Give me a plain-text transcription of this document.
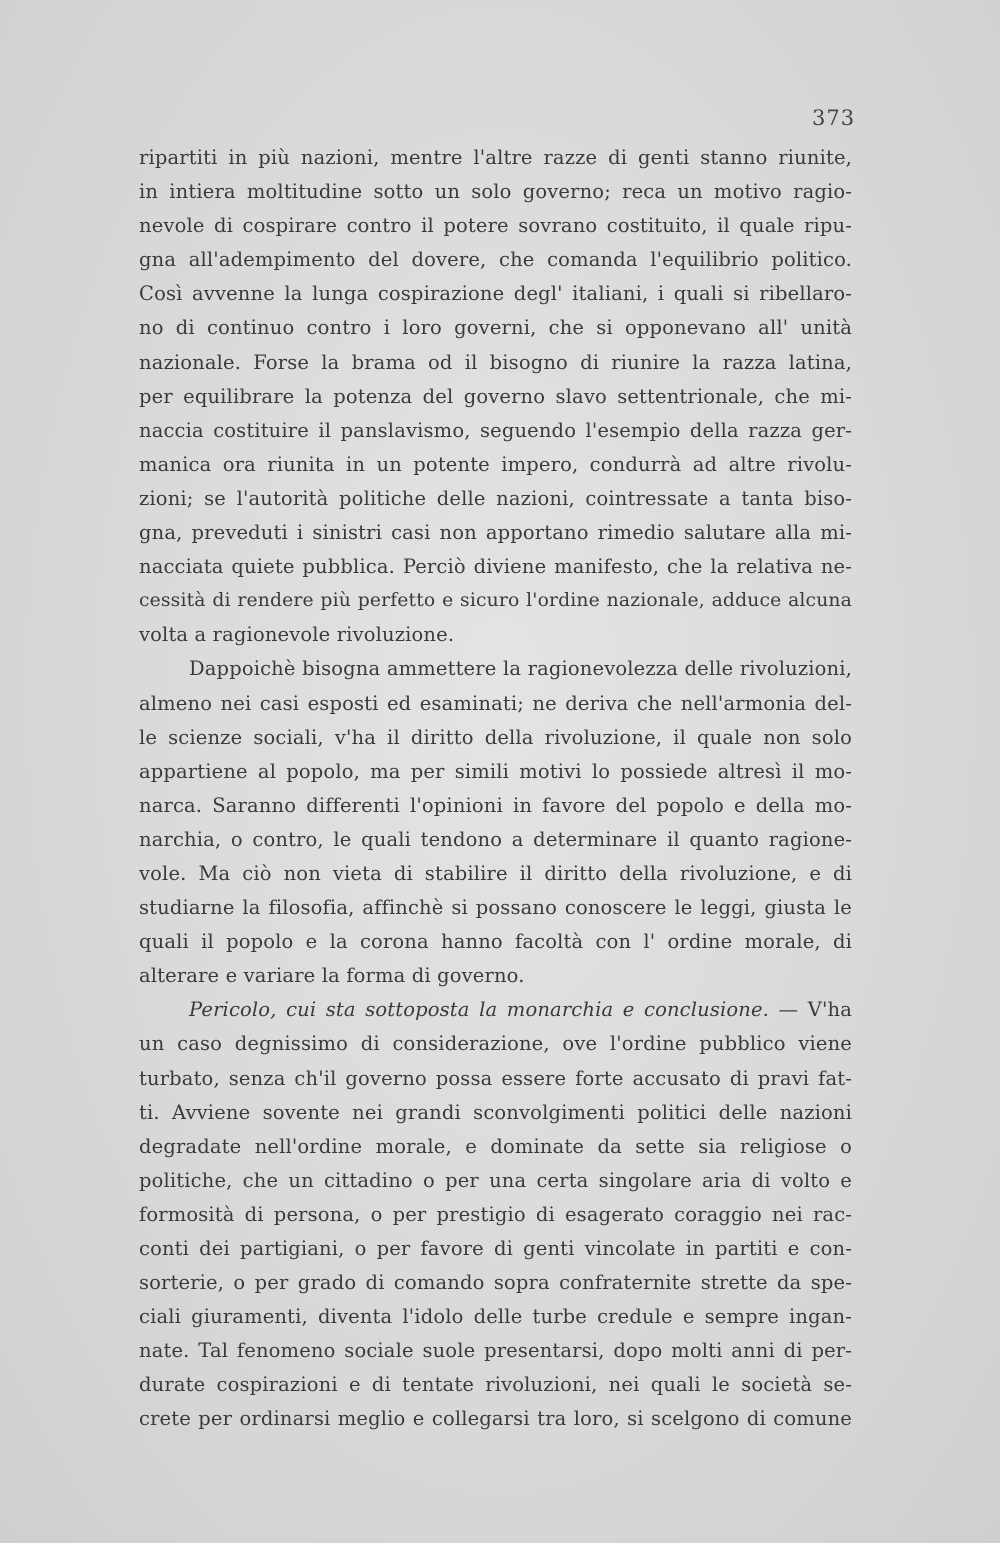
373
ripartiti in più nazioni, mentre l'altre razze di genti stanno riunite,
in intiera moltitudine sotto un solo governo; reca un motivo ragio-
nevole di cospirare contro il potere sovrano costituito, il quale ripu-
gna all'adempimento del dovere, che comanda l'equilibrio politico.
Così avvenne la lunga cospirazione degl' italiani, i quali si ribellaro-
no di continuo contro i loro governi, che si opponevano all' unità
nazionale. Forse la brama od il bisogno di riunire la razza latina,
per equilibrare la potenza del governo slavo settentrionale, che mi-
naccia costituire il panslavismo, seguendo l'esempio della razza ger-
manica ora riunita in un potente impero, condurrà ad altre rivolu-
zioni; se l'autorità politiche delle nazioni, cointressate a tanta biso-
gna, preveduti i sinistri casi non apportano rimedio salutare alla mi-
nacciata quiete pubblica. Perciò diviene manifesto, che la relativa ne-
cessità di rendere più perfetto e sicuro l'ordine nazionale, adduce alcuna
volta a ragionevole rivoluzione.
Dappoichè bisogna ammettere la ragionevolezza delle rivoluzioni,
almeno nei casi esposti ed esaminati; ne deriva che nell'armonia del-
le scienze sociali, v'ha il diritto della rivoluzione, il quale non solo
appartiene al popolo, ma per simili motivi lo possiede altresì il mo-
narca. Saranno differenti l'opinioni in favore del popolo e della mo-
narchia, o contro, le quali tendono a determinare il quanto ragione-
vole. Ma ciò non vieta di stabilire il diritto della rivoluzione, e di
studiarne la filosofia, affinchè si possano conoscere le leggi, giusta le
quali il popolo e la corona hanno facoltà con l' ordine morale, di
alterare e variare la forma di governo.
Pericolo, cui sta sottoposta la monarchia e conclusione. — V'ha
un caso degnissimo di considerazione, ove l'ordine pubblico viene
turbato, senza ch'il governo possa essere forte accusato di pravi fat-
ti. Avviene sovente nei grandi sconvolgimenti politici delle nazioni
degradate nell'ordine morale, e dominate da sette sia religiose o
politiche, che un cittadino o per una certa singolare aria di volto e
formosità di persona, o per prestigio di esagerato coraggio nei rac-
conti dei partigiani, o per favore di genti vincolate in partiti e con-
sorterie, o per grado di comando sopra confraternite strette da spe-
ciali giuramenti, diventa l'idolo delle turbe credule e sempre ingan-
nate. Tal fenomeno sociale suole presentarsi, dopo molti anni di per-
durate cospirazioni e di tentate rivoluzioni, nei quali le società se-
crete per ordinarsi meglio e collegarsi tra loro, si scelgono di comune
